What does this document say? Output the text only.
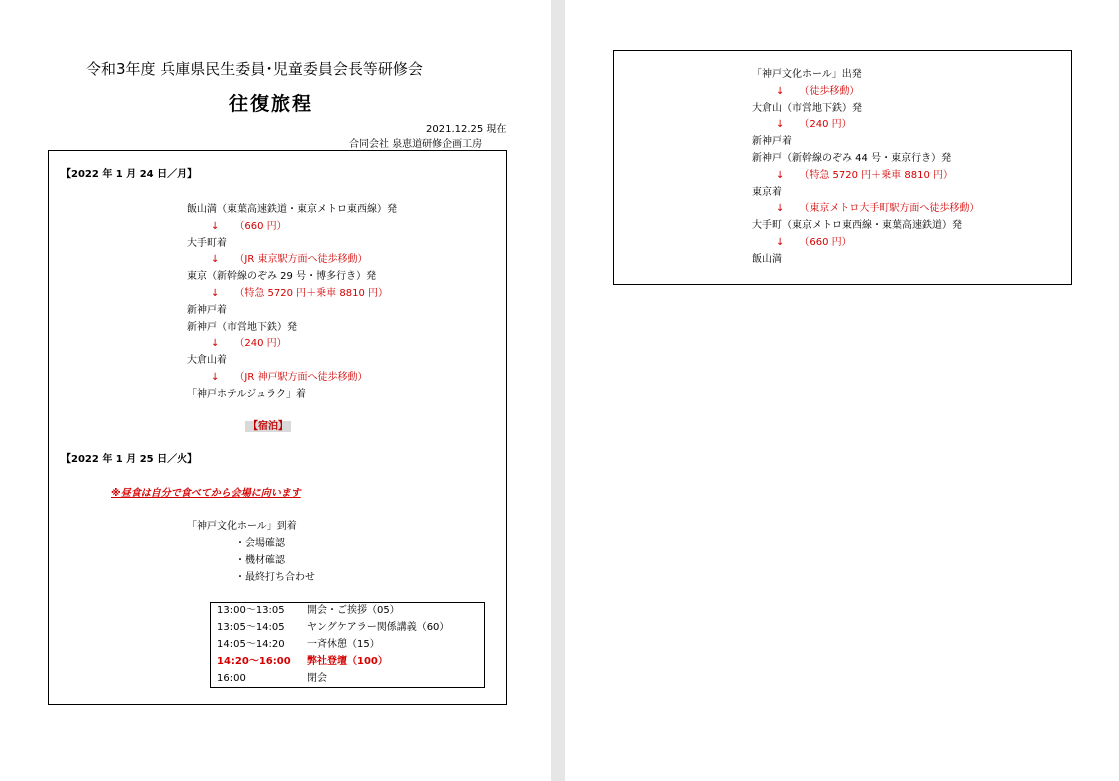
令和3年度 兵庫県民生委員･児童委員会長等研修会
往復旅程
2021.12.25 現在
合同会社 泉恵道研修企画工房
【2022 年 1 月 24 日／月】
飯山満（東葉高速鉄道・東京メトロ東西線）発
↓　　（660 円）
大手町着
↓　　（JR 東京駅方面へ徒歩移動）
東京（新幹線のぞみ 29 号・博多行き）発
↓　　（特急 5720 円＋乗車 8810 円）
新神戸着
新神戸（市営地下鉄）発
↓　　（240 円）
大倉山着
↓　　（JR 神戸駅方面へ徒歩移動）
「神戸ホテルジュラク」着
【宿泊】
【2022 年 1 月 25 日／火】
※昼食は自分で食べてから会場に向います
「神戸文化ホール」到着
・会場確認
・機材確認
・最終打ち合わせ
13:00～13:05	開会・ご挨拶（05）
13:05～14:05	ヤングケアラー関係講義（60）
14:05～14:20	一斉休憩（15）
14:20～16:00	弊社登壇（100）
16:00	閉会
「神戸文化ホール」出発
↓　　（徒歩移動）
大倉山（市営地下鉄）発
↓　　（240 円）
新神戸着
新神戸（新幹線のぞみ 44 号・東京行き）発
↓　　（特急 5720 円＋乗車 8810 円）
東京着
↓　　（東京メトロ大手町駅方面へ徒歩移動）
大手町（東京メトロ東西線・東葉高速鉄道）発
↓　　（660 円）
飯山満
